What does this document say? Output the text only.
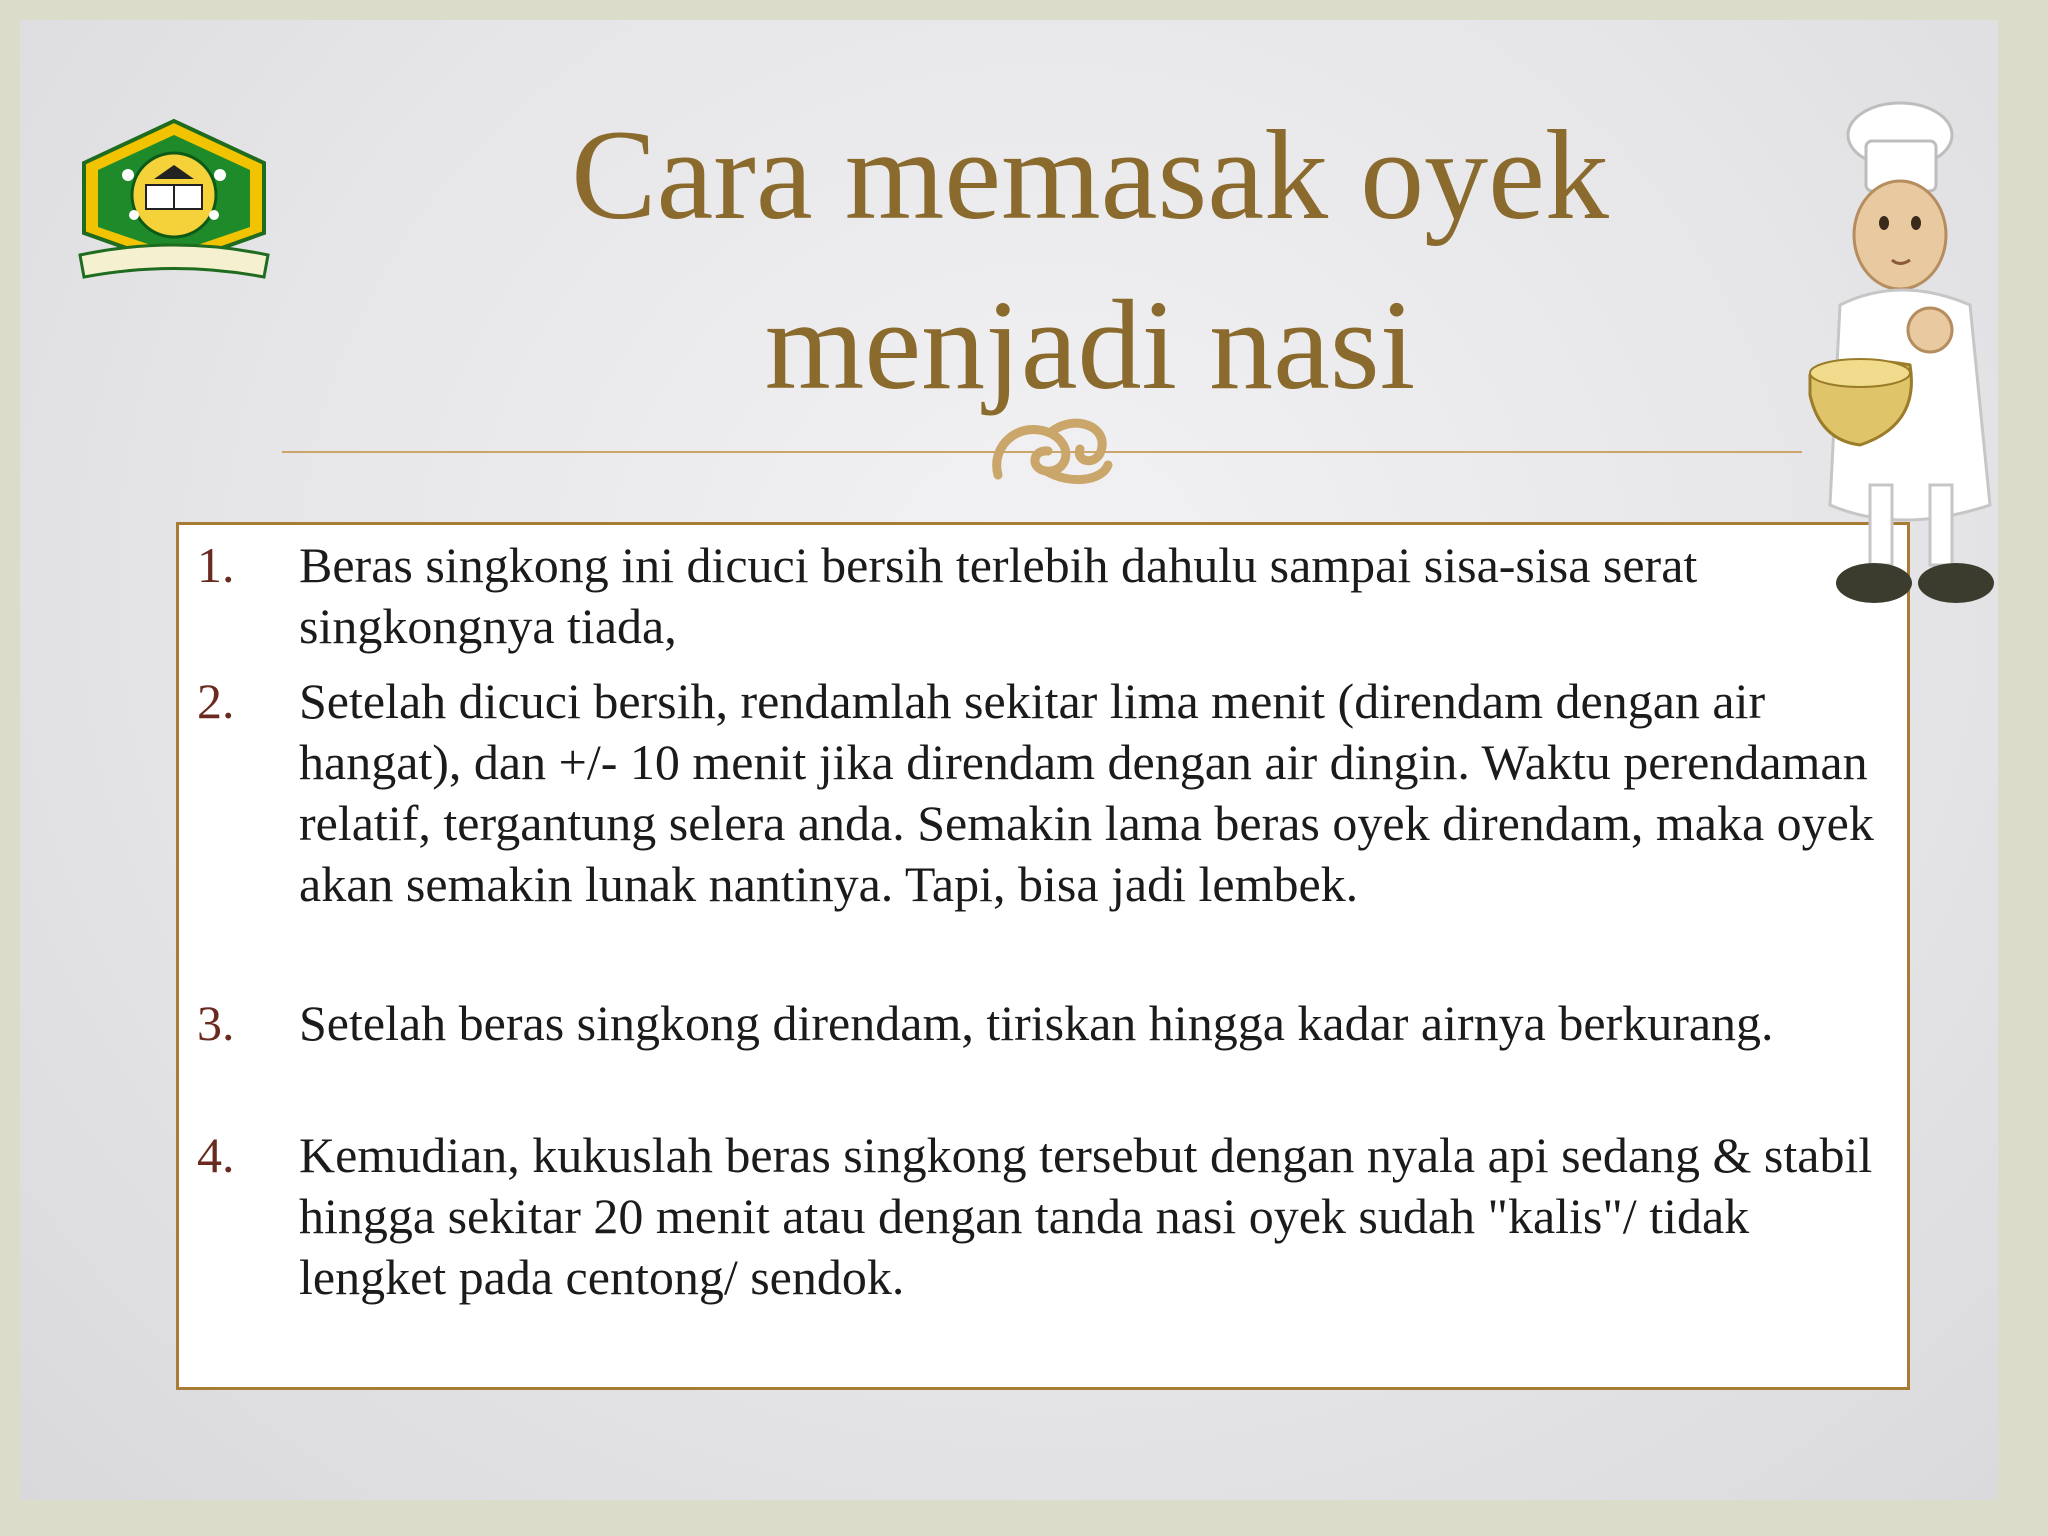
Cara memasak oyek
menjadi nasi
1.	Beras singkong ini dicuci bersih terlebih dahulu sampai sisa-sisa serat singkongnya tiada,
2.	Setelah dicuci bersih, rendamlah sekitar lima menit (direndam dengan air hangat), dan +/- 10 menit jika direndam dengan air dingin. Waktu perendaman relatif, tergantung selera anda. Semakin lama beras oyek direndam, maka oyek akan semakin lunak nantinya. Tapi, bisa jadi lembek.
3.	Setelah beras singkong direndam, tiriskan hingga kadar airnya berkurang.
4.	Kemudian, kukuslah beras singkong tersebut dengan nyala api sedang & stabil hingga sekitar 20 menit atau dengan tanda nasi oyek sudah "kalis"/ tidak lengket pada centong/ sendok.
